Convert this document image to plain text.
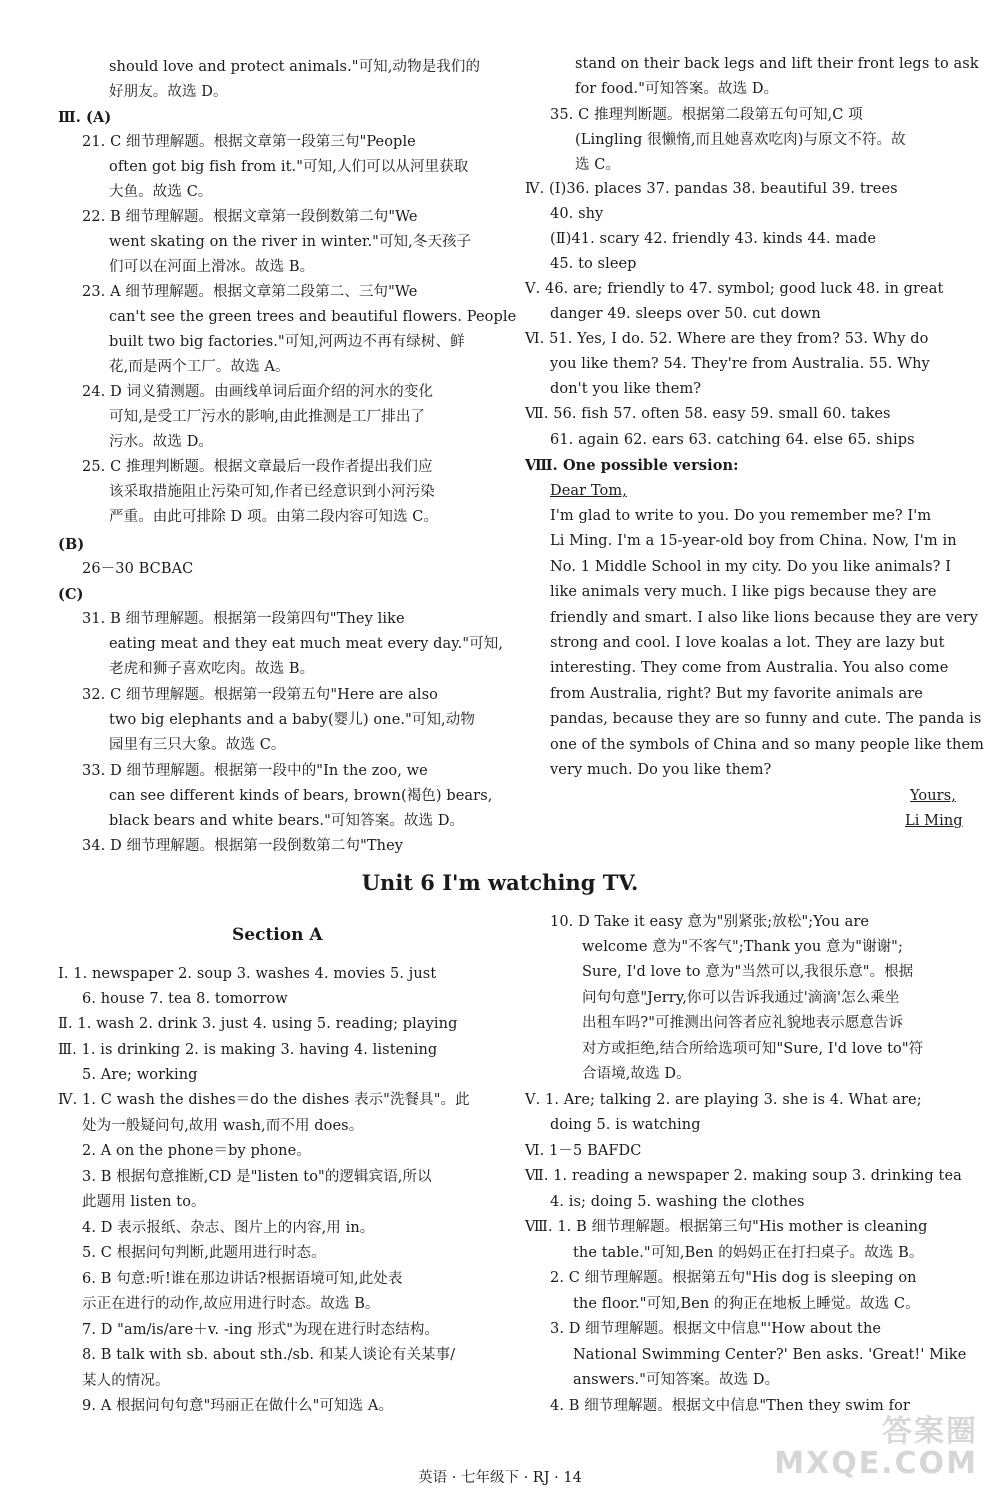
should love and protect animals."可知,动物是我们的
好朋友。故选 D。
Ⅲ. (A)
21. C 细节理解题。根据文章第一段第三句"People
often got big fish from it."可知,人们可以从河里获取
大鱼。故选 C。
22. B 细节理解题。根据文章第一段倒数第二句"We
went skating on the river in winter."可知,冬天孩子
们可以在河面上滑冰。故选 B。
23. A 细节理解题。根据文章第二段第二、三句"We
can't see the green trees and beautiful flowers. People
built two big factories."可知,河两边不再有绿树、鲜
花,而是两个工厂。故选 A。
24. D 词义猜测题。由画线单词后面介绍的河水的变化
可知,是受工厂污水的影响,由此推测是工厂排出了
污水。故选 D。
25. C 推理判断题。根据文章最后一段作者提出我们应
该采取措施阻止污染可知,作者已经意识到小河污染
严重。由此可排除 D 项。由第二段内容可知选 C。
(B)
26－30 BCBAC
(C)
31. B 细节理解题。根据第一段第四句"They like
eating meat and they eat much meat every day."可知,
老虎和狮子喜欢吃肉。故选 B。
32. C 细节理解题。根据第一段第五句"Here are also
two big elephants and a baby(婴儿) one."可知,动物
园里有三只大象。故选 C。
33. D 细节理解题。根据第一段中的"In the zoo, we
can see different kinds of bears, brown(褐色) bears,
black bears and white bears."可知答案。故选 D。
34. D 细节理解题。根据第一段倒数第二句"They
stand on their back legs and lift their front legs to ask
for food."可知答案。故选 D。
35. C 推理判断题。根据第二段第五句可知,C 项
(Lingling 很懒惰,而且她喜欢吃肉)与原文不符。故
选 C。
Ⅳ. (Ⅰ)36. places 37. pandas 38. beautiful 39. trees
40. shy
(Ⅱ)41. scary 42. friendly 43. kinds 44. made
45. to sleep
Ⅴ. 46. are; friendly to 47. symbol; good luck 48. in great
danger 49. sleeps over 50. cut down
Ⅵ. 51. Yes, I do. 52. Where are they from? 53. Why do
you like them? 54. They're from Australia. 55. Why
don't you like them?
Ⅶ. 56. fish 57. often 58. easy 59. small 60. takes
61. again 62. ears 63. catching 64. else 65. ships
Ⅷ. One possible version:
Dear Tom,
I'm glad to write to you. Do you remember me? I'm
Li Ming. I'm a 15-year-old boy from China. Now, I'm in
No. 1 Middle School in my city. Do you like animals? I
like animals very much. I like pigs because they are
friendly and smart. I also like lions because they are very
strong and cool. I love koalas a lot. They are lazy but
interesting. They come from Australia. You also come
from Australia, right? But my favorite animals are
pandas, because they are so funny and cute. The panda is
one of the symbols of China and so many people like them
very much. Do you like them?
Yours,
Li Ming
Unit 6 I'm watching TV.
Section A
Ⅰ. 1. newspaper 2. soup 3. washes 4. movies 5. just
6. house 7. tea 8. tomorrow
Ⅱ. 1. wash 2. drink 3. just 4. using 5. reading; playing
Ⅲ. 1. is drinking 2. is making 3. having 4. listening
5. Are; working
Ⅳ. 1. C wash the dishes＝do the dishes 表示"洗餐具"。此
处为一般疑问句,故用 wash,而不用 does。
2. A on the phone＝by phone。
3. B 根据句意推断,CD 是"listen to"的逻辑宾语,所以
此题用 listen to。
4. D 表示报纸、杂志、图片上的内容,用 in。
5. C 根据问句判断,此题用进行时态。
6. B 句意:听!谁在那边讲话?根据语境可知,此处表
示正在进行的动作,故应用进行时态。故选 B。
7. D "am/is/are＋v. -ing 形式"为现在进行时态结构。
8. B talk with sb. about sth./sb. 和某人谈论有关某事/
某人的情况。
9. A 根据问句句意"玛丽正在做什么"可知选 A。
10. D Take it easy 意为"别紧张;放松";You are
welcome 意为"不客气";Thank you 意为"谢谢";
Sure, I'd love to 意为"当然可以,我很乐意"。根据
问句句意"Jerry,你可以告诉我通过'滴滴'怎么乘坐
出租车吗?"可推测出问答者应礼貌地表示愿意告诉
对方或拒绝,结合所给选项可知"Sure, I'd love to"符
合语境,故选 D。
Ⅴ. 1. Are; talking 2. are playing 3. she is 4. What are;
doing 5. is watching
Ⅵ. 1－5 BAFDC
Ⅶ. 1. reading a newspaper 2. making soup 3. drinking tea
4. is; doing 5. washing the clothes
Ⅷ. 1. B 细节理解题。根据第三句"His mother is cleaning
the table."可知,Ben 的妈妈正在打扫桌子。故选 B。
2. C 细节理解题。根据第五句"His dog is sleeping on
the floor."可知,Ben 的狗正在地板上睡觉。故选 C。
3. D 细节理解题。根据文中信息"'How about the
National Swimming Center?' Ben asks. 'Great!' Mike
answers."可知答案。故选 D。
4. B 细节理解题。根据文中信息"Then they swim for
英语 · 七年级下 · RJ · 14
答案圈
MXQE.COM
